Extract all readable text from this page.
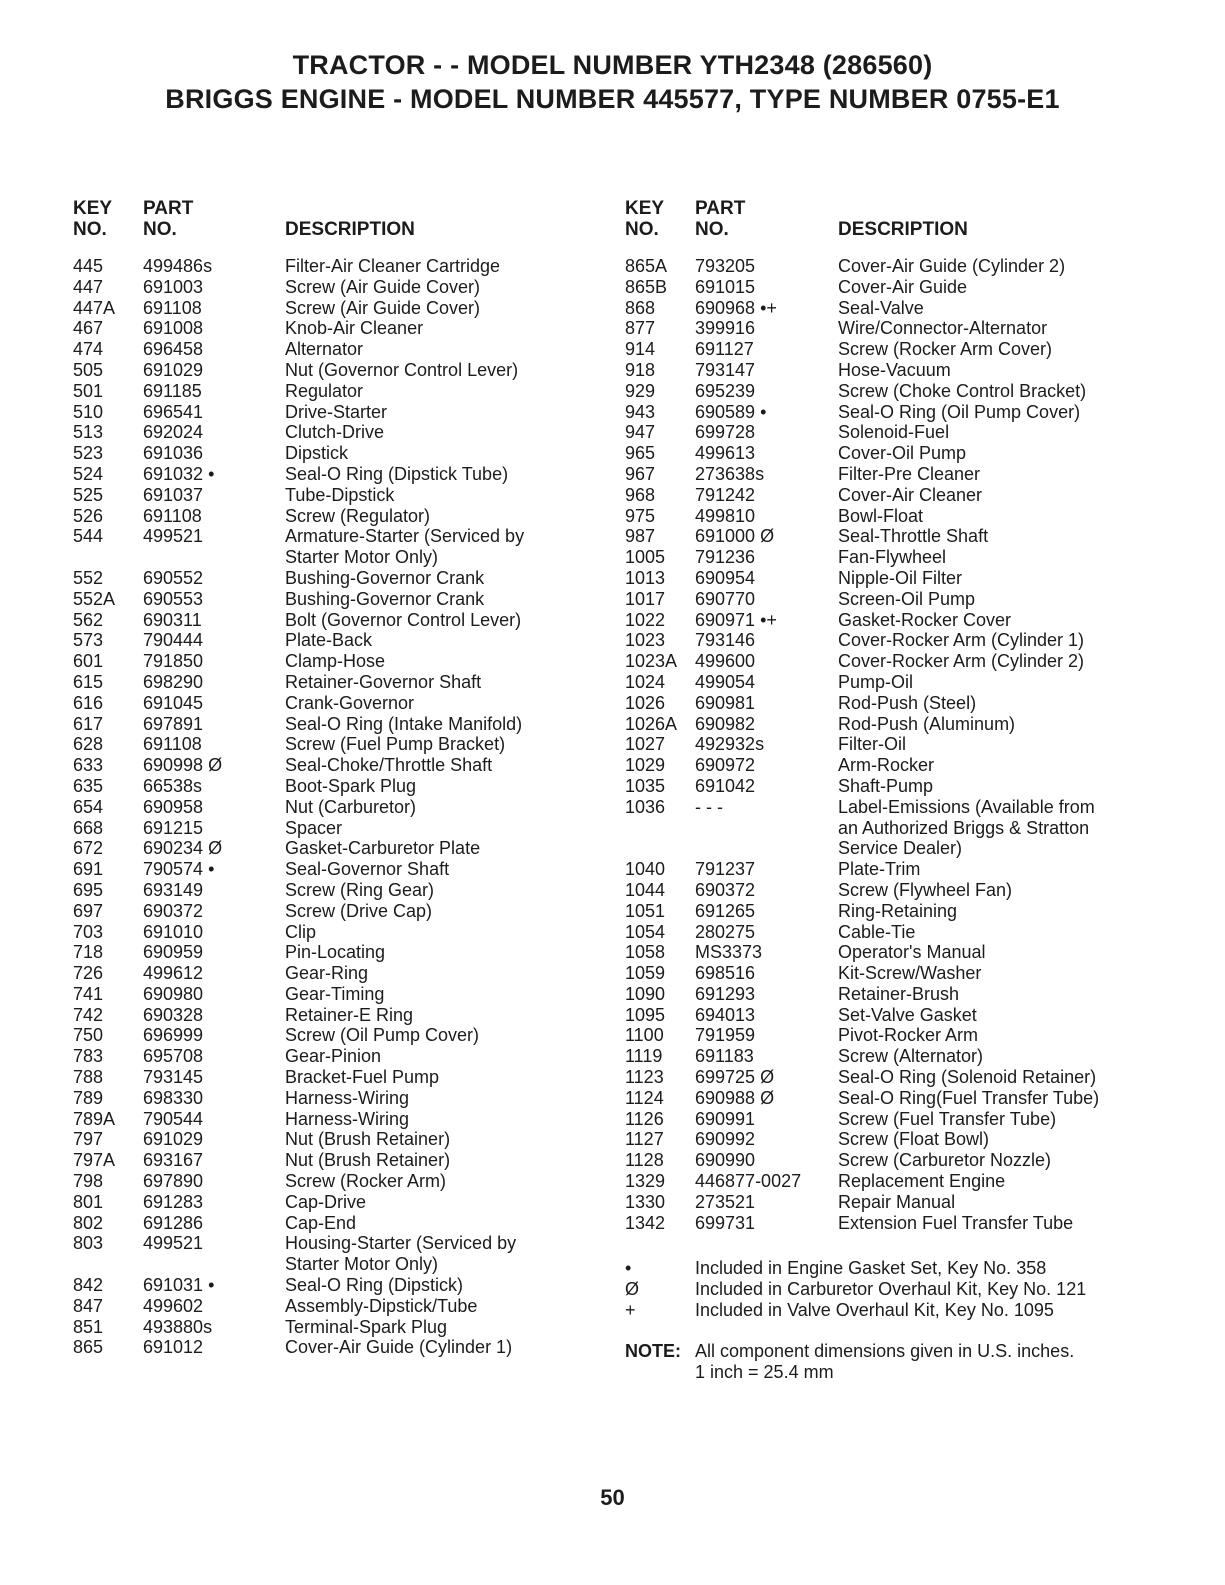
TRACTOR - - MODEL NUMBER YTH2348 (286560)
BRIGGS ENGINE - MODEL NUMBER 445577, TYPE NUMBER 0755-E1
KEY
NO.
PART
NO.	DESCRIPTION
445 499486s	Filter-Air Cleaner Cartridge
447 691003	Screw (Air Guide Cover)
447A 691108	Screw (Air Guide Cover)
467 691008	Knob-Air Cleaner
474 696458	Alternator
505 691029	Nut (Governor Control Lever)
501 691185	Regulator
510 696541	Drive-Starter
513 692024	Clutch-Drive
523 691036	Dipstick
524 691032 •	Seal-O Ring (Dipstick Tube)
525 691037	Tube-Dipstick
526 691108	Screw (Regulator)
544 499521	Armature-Starter (Serviced by
Starter Motor Only)
552 690552	Bushing-Governor Crank
552A 690553	Bushing-Governor Crank
562 690311	Bolt (Governor Control Lever)
573 790444	Plate-Back
601 791850	Clamp-Hose
615 698290	Retainer-Governor Shaft
616 691045	Crank-Governor
617 697891	Seal-O Ring (Intake Manifold)
628 691108	Screw (Fuel Pump Bracket)
633 690998 Ø	Seal-Choke/Throttle Shaft
635 66538s	Boot-Spark Plug
654 690958	Nut (Carburetor)
668 691215	Spacer
672 690234 Ø	Gasket-Carburetor Plate
691 790574 •	Seal-Governor Shaft
695 693149	Screw (Ring Gear)
697 690372	Screw (Drive Cap)
703 691010	Clip
718 690959	Pin-Locating
726 499612	Gear-Ring
741 690980	Gear-Timing
742 690328	Retainer-E Ring
750 696999	Screw (Oil Pump Cover)
783 695708	Gear-Pinion
788 793145	Bracket-Fuel Pump
789 698330	Harness-Wiring
789A 790544	Harness-Wiring
797 691029	Nut (Brush Retainer)
797A 693167	Nut (Brush Retainer)
798 697890	Screw (Rocker Arm)
801 691283	Cap-Drive
802 691286	Cap-End
803 499521	Housing-Starter (Serviced by
Starter Motor Only)
842 691031 •	Seal-O Ring (Dipstick)
847 499602	Assembly-Dipstick/Tube
851 493880s	Terminal-Spark Plug
865 691012	Cover-Air Guide (Cylinder 1)
KEY
NO.
PART
NO.	DESCRIPTION
865A 793205	Cover-Air Guide (Cylinder 2)
865B 691015	Cover-Air Guide
868 690968 •+	Seal-Valve
877 399916	Wire/Connector-Alternator
914 691127	Screw (Rocker Arm Cover)
918 793147	Hose-Vacuum
929 695239	Screw (Choke Control Bracket)
943 690589 •	Seal-O Ring (Oil Pump Cover)
947 699728	Solenoid-Fuel
965 499613	Cover-Oil Pump
967 273638s	Filter-Pre Cleaner
968 791242	Cover-Air Cleaner
975 499810	Bowl-Float
987 691000 Ø	Seal-Throttle Shaft
1005 791236	Fan-Flywheel
1013 690954	Nipple-Oil Filter
1017 690770	Screen-Oil Pump
1022 690971 •+	Gasket-Rocker Cover
1023 793146	Cover-Rocker Arm (Cylinder 1)
1023A 499600	Cover-Rocker Arm (Cylinder 2)
1024 499054	Pump-Oil
1026 690981	Rod-Push (Steel)
1026A 690982	Rod-Push (Aluminum)
1027 492932s	Filter-Oil
1029 690972	Arm-Rocker
1035 691042	Shaft-Pump
1036 - - -	Label-Emissions (Available from
an Authorized Briggs & Stratton
Service Dealer)
1040 791237	Plate-Trim
1044 690372	Screw (Flywheel Fan)
1051 691265	Ring-Retaining
1054 280275	Cable-Tie
1058 MS3373	Operator's Manual
1059 698516	Kit-Screw/Washer
1090 691293	Retainer-Brush
1095 694013	Set-Valve Gasket
1100 791959	Pivot-Rocker Arm
1119 691183	Screw (Alternator)
1123 699725 Ø	Seal-O Ring (Solenoid Retainer)
1124 690988 Ø	Seal-O Ring(Fuel Transfer Tube)
1126 690991	Screw (Fuel Transfer Tube)
1127 690992	Screw (Float Bowl)
1128 690990	Screw (Carburetor Nozzle)
1329 446877-0027 Replacement Engine
1330 273521	Repair Manual
1342 699731	Extension Fuel Transfer Tube
•	Included in Engine Gasket Set, Key No. 358
Ø	Included in Carburetor Overhaul Kit, Key No. 121
+	Included in Valve Overhaul Kit, Key No. 1095
NOTE: All component dimensions given in U.S. inches.
1 inch = 25.4 mm
50
